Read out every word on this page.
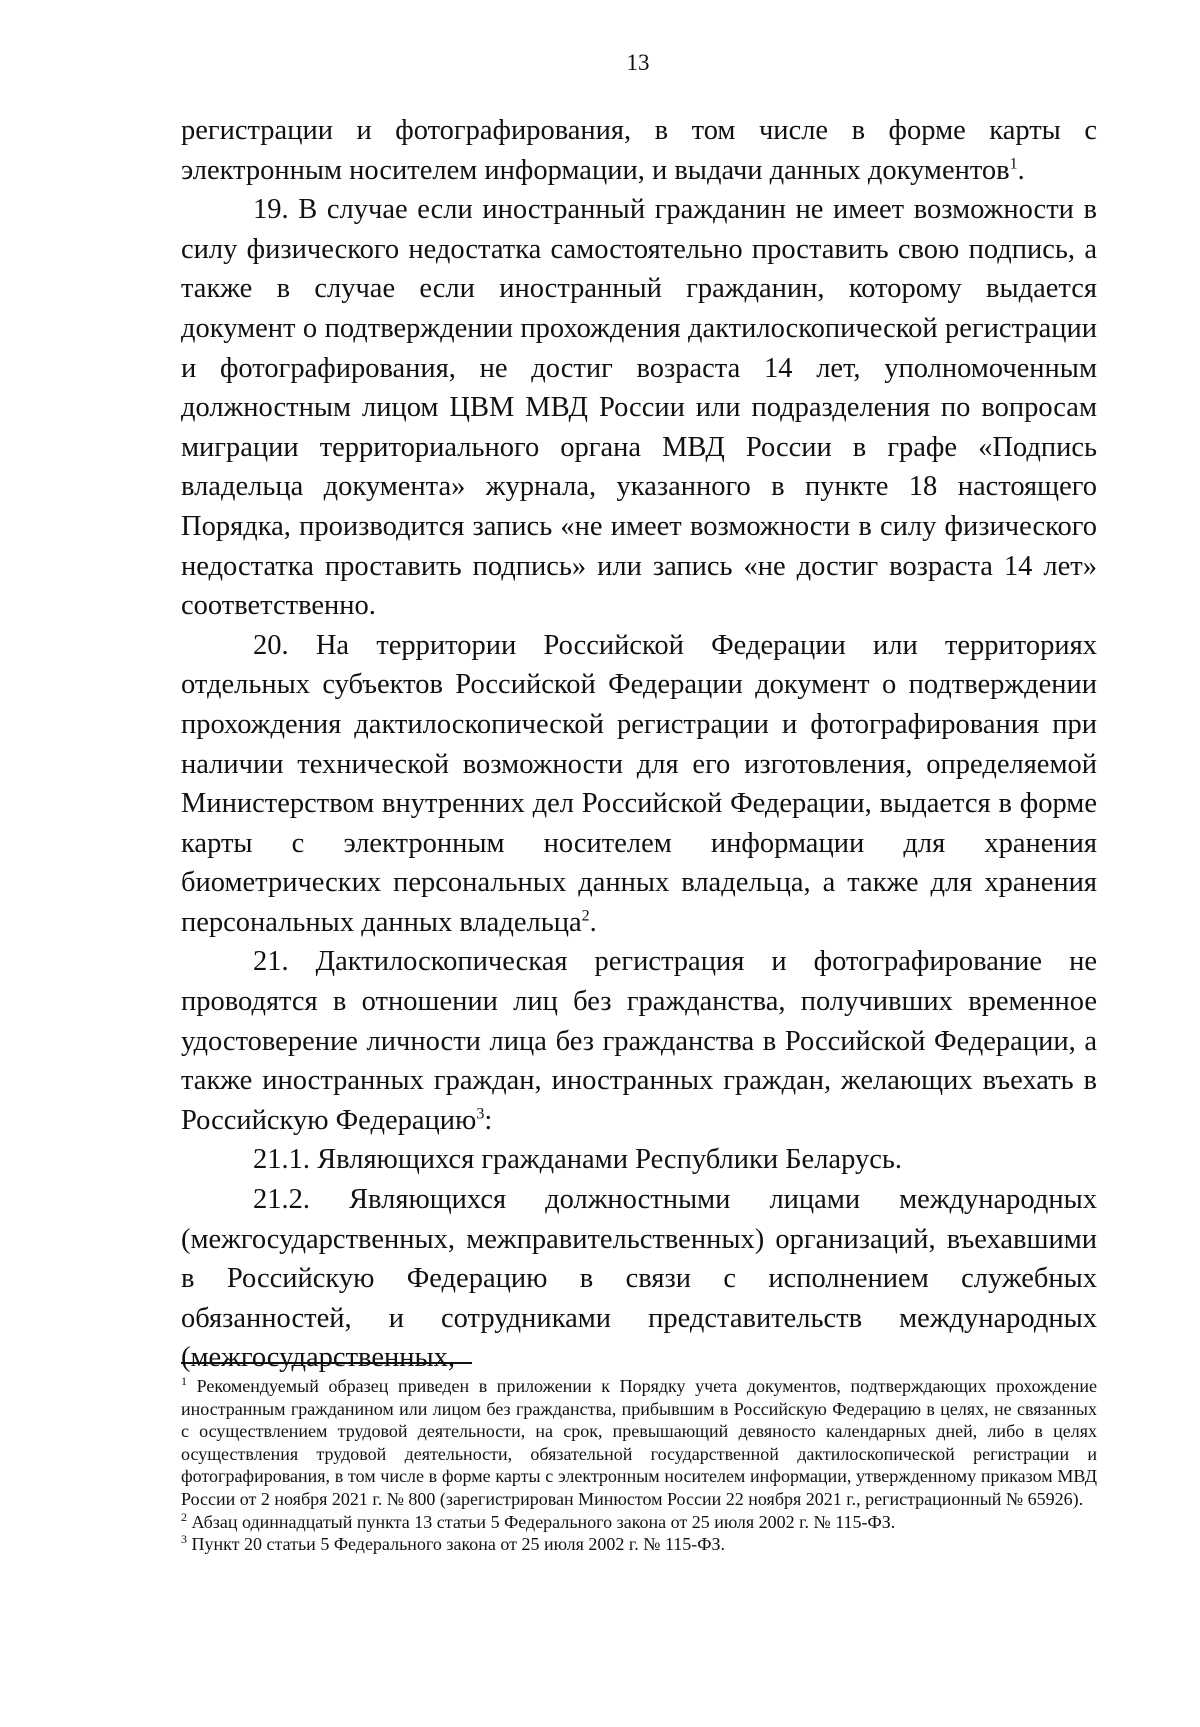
13

регистрации и фотографирования, в том числе в форме карты с электронным носителем информации, и выдачи данных документов$^1$.

19. В случае если иностранный гражданин не имеет возможности в силу физического недостатка самостоятельно проставить свою подпись, а также в случае если иностранный гражданин, которому выдается документ о подтверждении прохождения дактилоскопической регистрации и фотографирования, не достиг возраста 14 лет, уполномоченным должностным лицом ЦВМ МВД России или подразделения по вопросам миграции территориального органа МВД России в графе «Подпись владельца документа» журнала, указанного в пункте 18 настоящего Порядка, производится запись «не имеет возможности в силу физического недостатка проставить подпись» или запись «не достиг возраста 14 лет» соответственно.

20. На территории Российской Федерации или территориях отдельных субъектов Российской Федерации документ о подтверждении прохождения дактилоскопической регистрации и фотографирования при наличии технической возможности для его изготовления, определяемой Министерством внутренних дел Российской Федерации, выдается в форме карты с электронным носителем информации для хранения биометрических персональных данных владельца, а также для хранения персональных данных владельца$^2$.

21. Дактилоскопическая регистрация и фотографирование не проводятся в отношении лиц без гражданства, получивших временное удостоверение личности лица без гражданства в Российской Федерации, а также иностранных граждан, иностранных граждан, желающих въехать в Российскую Федерацию$^3$:

21.1. Являющихся гражданами Республики Беларусь.

21.2. Являющихся должностными лицами международных (межгосударственных, межправительственных) организаций, въехавшими в Российскую Федерацию в связи с исполнением служебных обязанностей, и сотрудниками представительств международных (межгосударственных,

$^1$ Рекомендуемый образец приведен в приложении к Порядку учета документов, подтверждающих прохождение иностранным гражданином или лицом без гражданства, прибывшим в Российскую Федерацию в целях, не связанных с осуществлением трудовой деятельности, на срок, превышающий девяносто календарных дней, либо в целях осуществления трудовой деятельности, обязательной государственной дактилоскопической регистрации и фотографирования, в том числе в форме карты с электронным носителем информации, утвержденному приказом МВД России от 2 ноября 2021 г. № 800 (зарегистрирован Минюстом России 22 ноября 2021 г., регистрационный № 65926).

$^2$ Абзац одиннадцатый пункта 13 статьи 5 Федерального закона от 25 июля 2002 г. № 115-ФЗ.

$^3$ Пункт 20 статьи 5 Федерального закона от 25 июля 2002 г. № 115-ФЗ.
